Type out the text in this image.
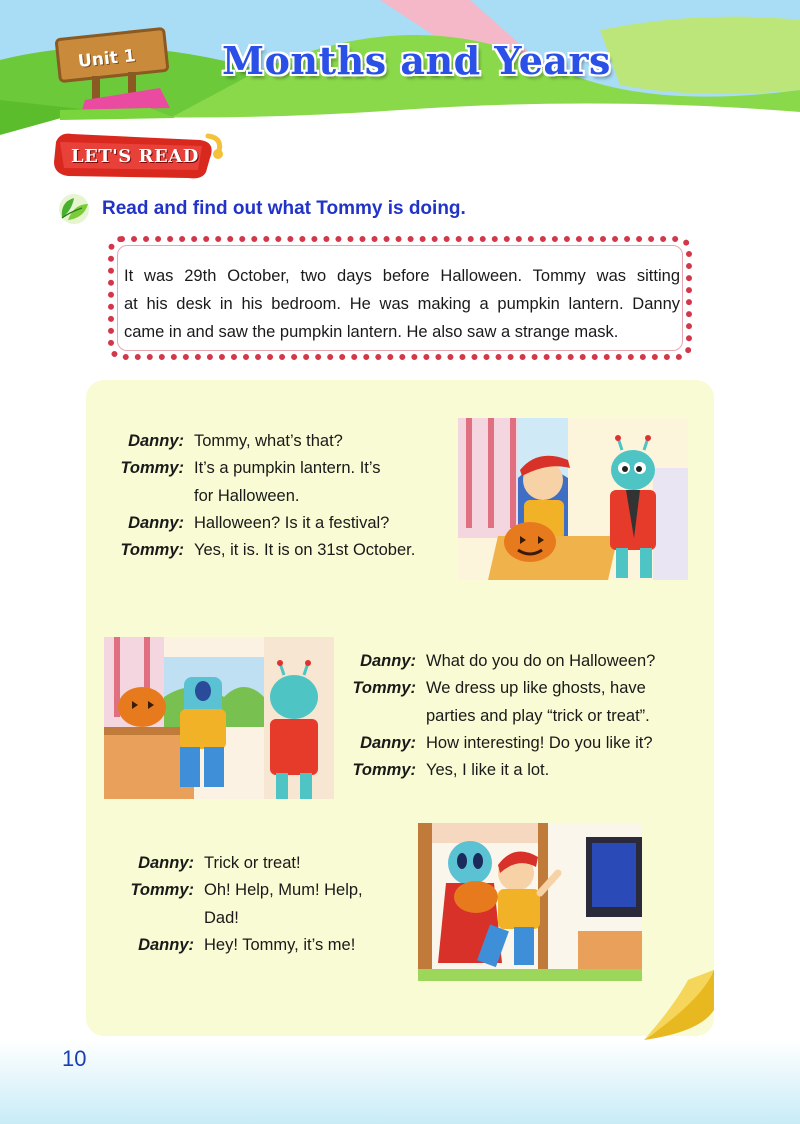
Unit 1 Months and Years
LET'S READ
Read and find out what Tommy is doing.
It was 29th October, two days before Halloween. Tommy was sitting
at his desk in his bedroom. He was making a pumpkin lantern. Danny

came in and saw the pumpkin lantern. He also saw a strange mask.
Danny: Tommy, what’s that?
Tommy: It’s a pumpkin lantern. It’s
for Halloween.
Danny: Halloween? Is it a festival?
Tommy: Yes, it is. It is on 31st October.
Danny: What do you do on Halloween?
Tommy: We dress up like ghosts, have
parties and play “trick or treat”.
Danny: How interesting! Do you like it?
Tommy: Yes, I like it a lot.
Danny: Trick or treat!
Tommy: Oh! Help, Mum! Help,
Dad!
Danny: Hey! Tommy, it’s me!
10
